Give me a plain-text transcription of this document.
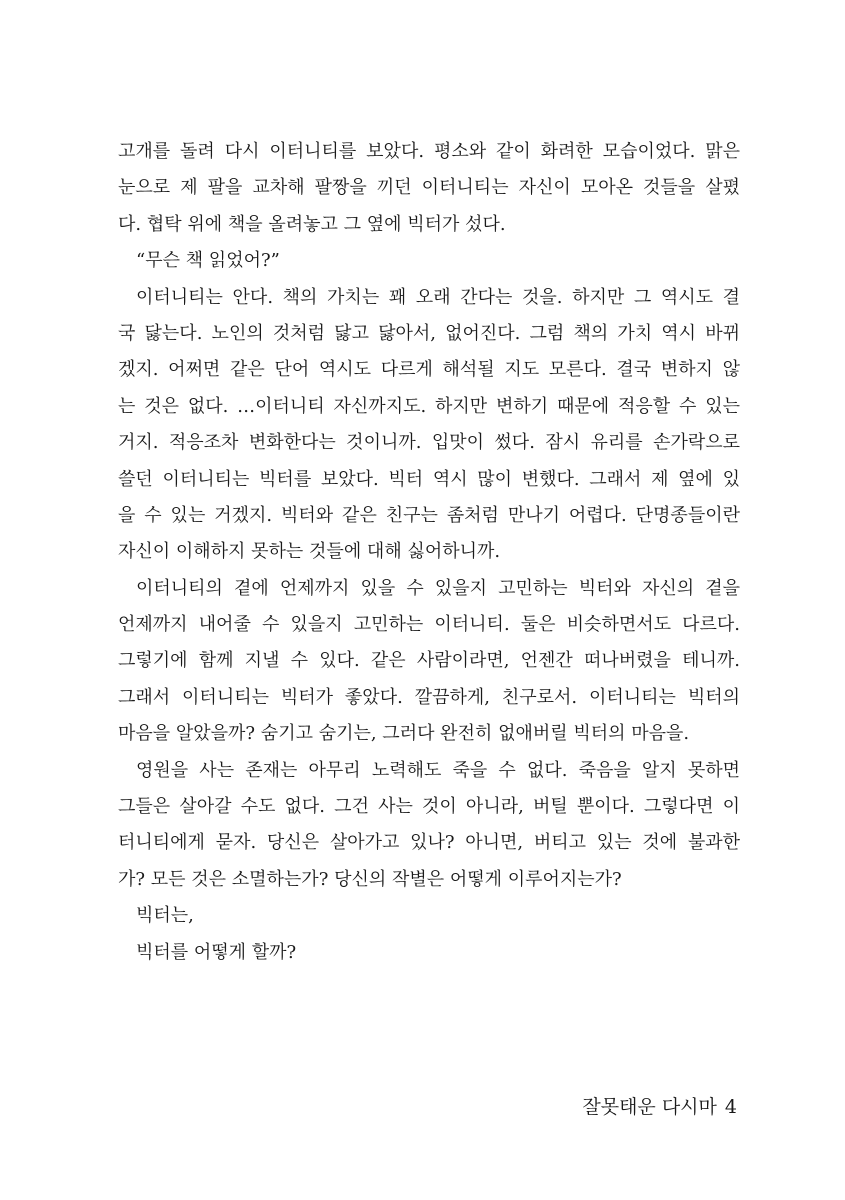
고개를 돌려 다시 이터니티를 보았다. 평소와 같이 화려한 모습이었다. 맑은
눈으로 제 팔을 교차해 팔짱을 끼던 이터니티는 자신이 모아온 것들을 살폈
다. 협탁 위에 책을 올려놓고 그 옆에 빅터가 섰다.
“무슨 책 읽었어?”
이터니티는 안다. 책의 가치는 꽤 오래 간다는 것을. 하지만 그 역시도 결
국 닳는다. 노인의 것처럼 닳고 닳아서, 없어진다. 그럼 책의 가치 역시 바뀌
겠지. 어쩌면 같은 단어 역시도 다르게 해석될 지도 모른다. 결국 변하지 않
는 것은 없다. …이터니티 자신까지도. 하지만 변하기 때문에 적응할 수 있는
거지. 적응조차 변화한다는 것이니까. 입맛이 썼다. 잠시 유리를 손가락으로
쓸던 이터니티는 빅터를 보았다. 빅터 역시 많이 변했다. 그래서 제 옆에 있
을 수 있는 거겠지. 빅터와 같은 친구는 좀처럼 만나기 어렵다. 단명종들이란
자신이 이해하지 못하는 것들에 대해 싫어하니까.
이터니티의 곁에 언제까지 있을 수 있을지 고민하는 빅터와 자신의 곁을
언제까지 내어줄 수 있을지 고민하는 이터니티. 둘은 비슷하면서도 다르다.
그렇기에 함께 지낼 수 있다. 같은 사람이라면, 언젠간 떠나버렸을 테니까.
그래서 이터니티는 빅터가 좋았다. 깔끔하게, 친구로서. 이터니티는 빅터의
마음을 알았을까? 숨기고 숨기는, 그러다 완전히 없애버릴 빅터의 마음을.
영원을 사는 존재는 아무리 노력해도 죽을 수 없다. 죽음을 알지 못하면
그들은 살아갈 수도 없다. 그건 사는 것이 아니라, 버틸 뿐이다. 그렇다면 이
터니티에게 묻자. 당신은 살아가고 있나? 아니면, 버티고 있는 것에 불과한
가? 모든 것은 소멸하는가? 당신의 작별은 어떻게 이루어지는가?
빅터는,
빅터를 어떻게 할까?
잘못태운 다시마 4
